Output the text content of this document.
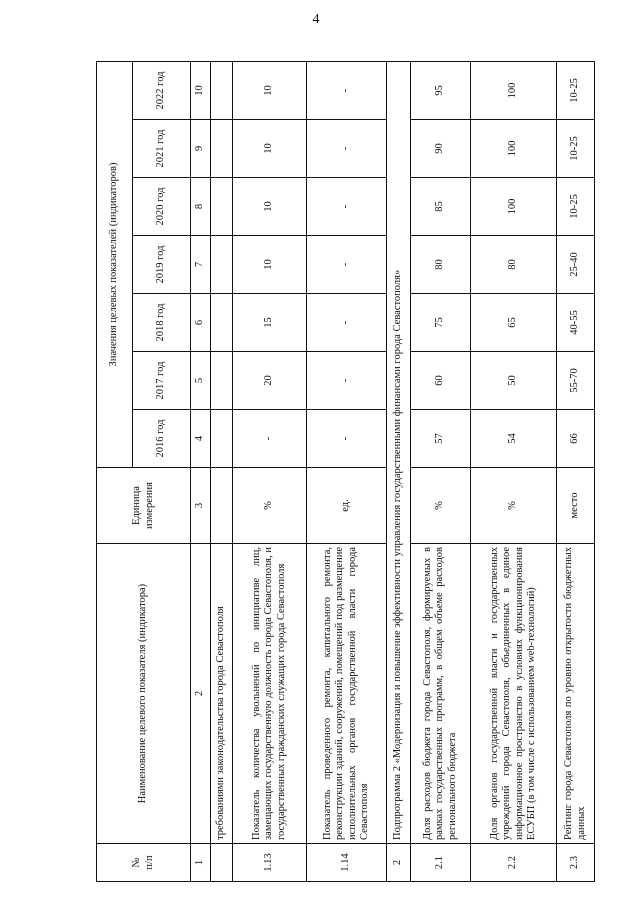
4
№
п/п	Наименование целевого показателя (индикатора)	Единица измерения	Значения целевых показателей (индикаторов)						
			2016 год	2017 год	2018 год	2019 год	2020 год	2021 год	2022 год
1	2	3	4	5	6	7	8	9	10
	требованиями законодательства города Севастополя								
1.13	Показатель количества увольнений по инициативе лиц, замещающих государственную должность города Севастополя, и государственных гражданских служащих города Севастополя	%	-	20	15	10	10	10	10
1.14	Показатель проведенного ремонта, капитального ремонта, реконструкции зданий, сооружений, помещений под размещение исполнительных органов государственной власти города Севастополя	ед.	-	-	-	-	-	-	-
2	Подпрограмма 2 «Модернизация и повышение эффективности управления государственными финансами города Севастополя»								
2.1	Доля расходов бюджета города Севастополя, формируемых в рамках государственных программ, в общем объеме расходов регионального бюджета	%	57	60	75	80	85	90	95
2.2	Доля органов государственной власти и государственных учреждений города Севастополя, объединенных в единое информационное пространство в условиях функционирования ЕСУБП (в том числе с использованием web-технологий)	%	54	50	65	80	100	100	100
2.3	Рейтинг города Севастополя по уровню открытости бюджетных данных	место	66	55-70	40-55	25-40	10-25	10-25	10-25
